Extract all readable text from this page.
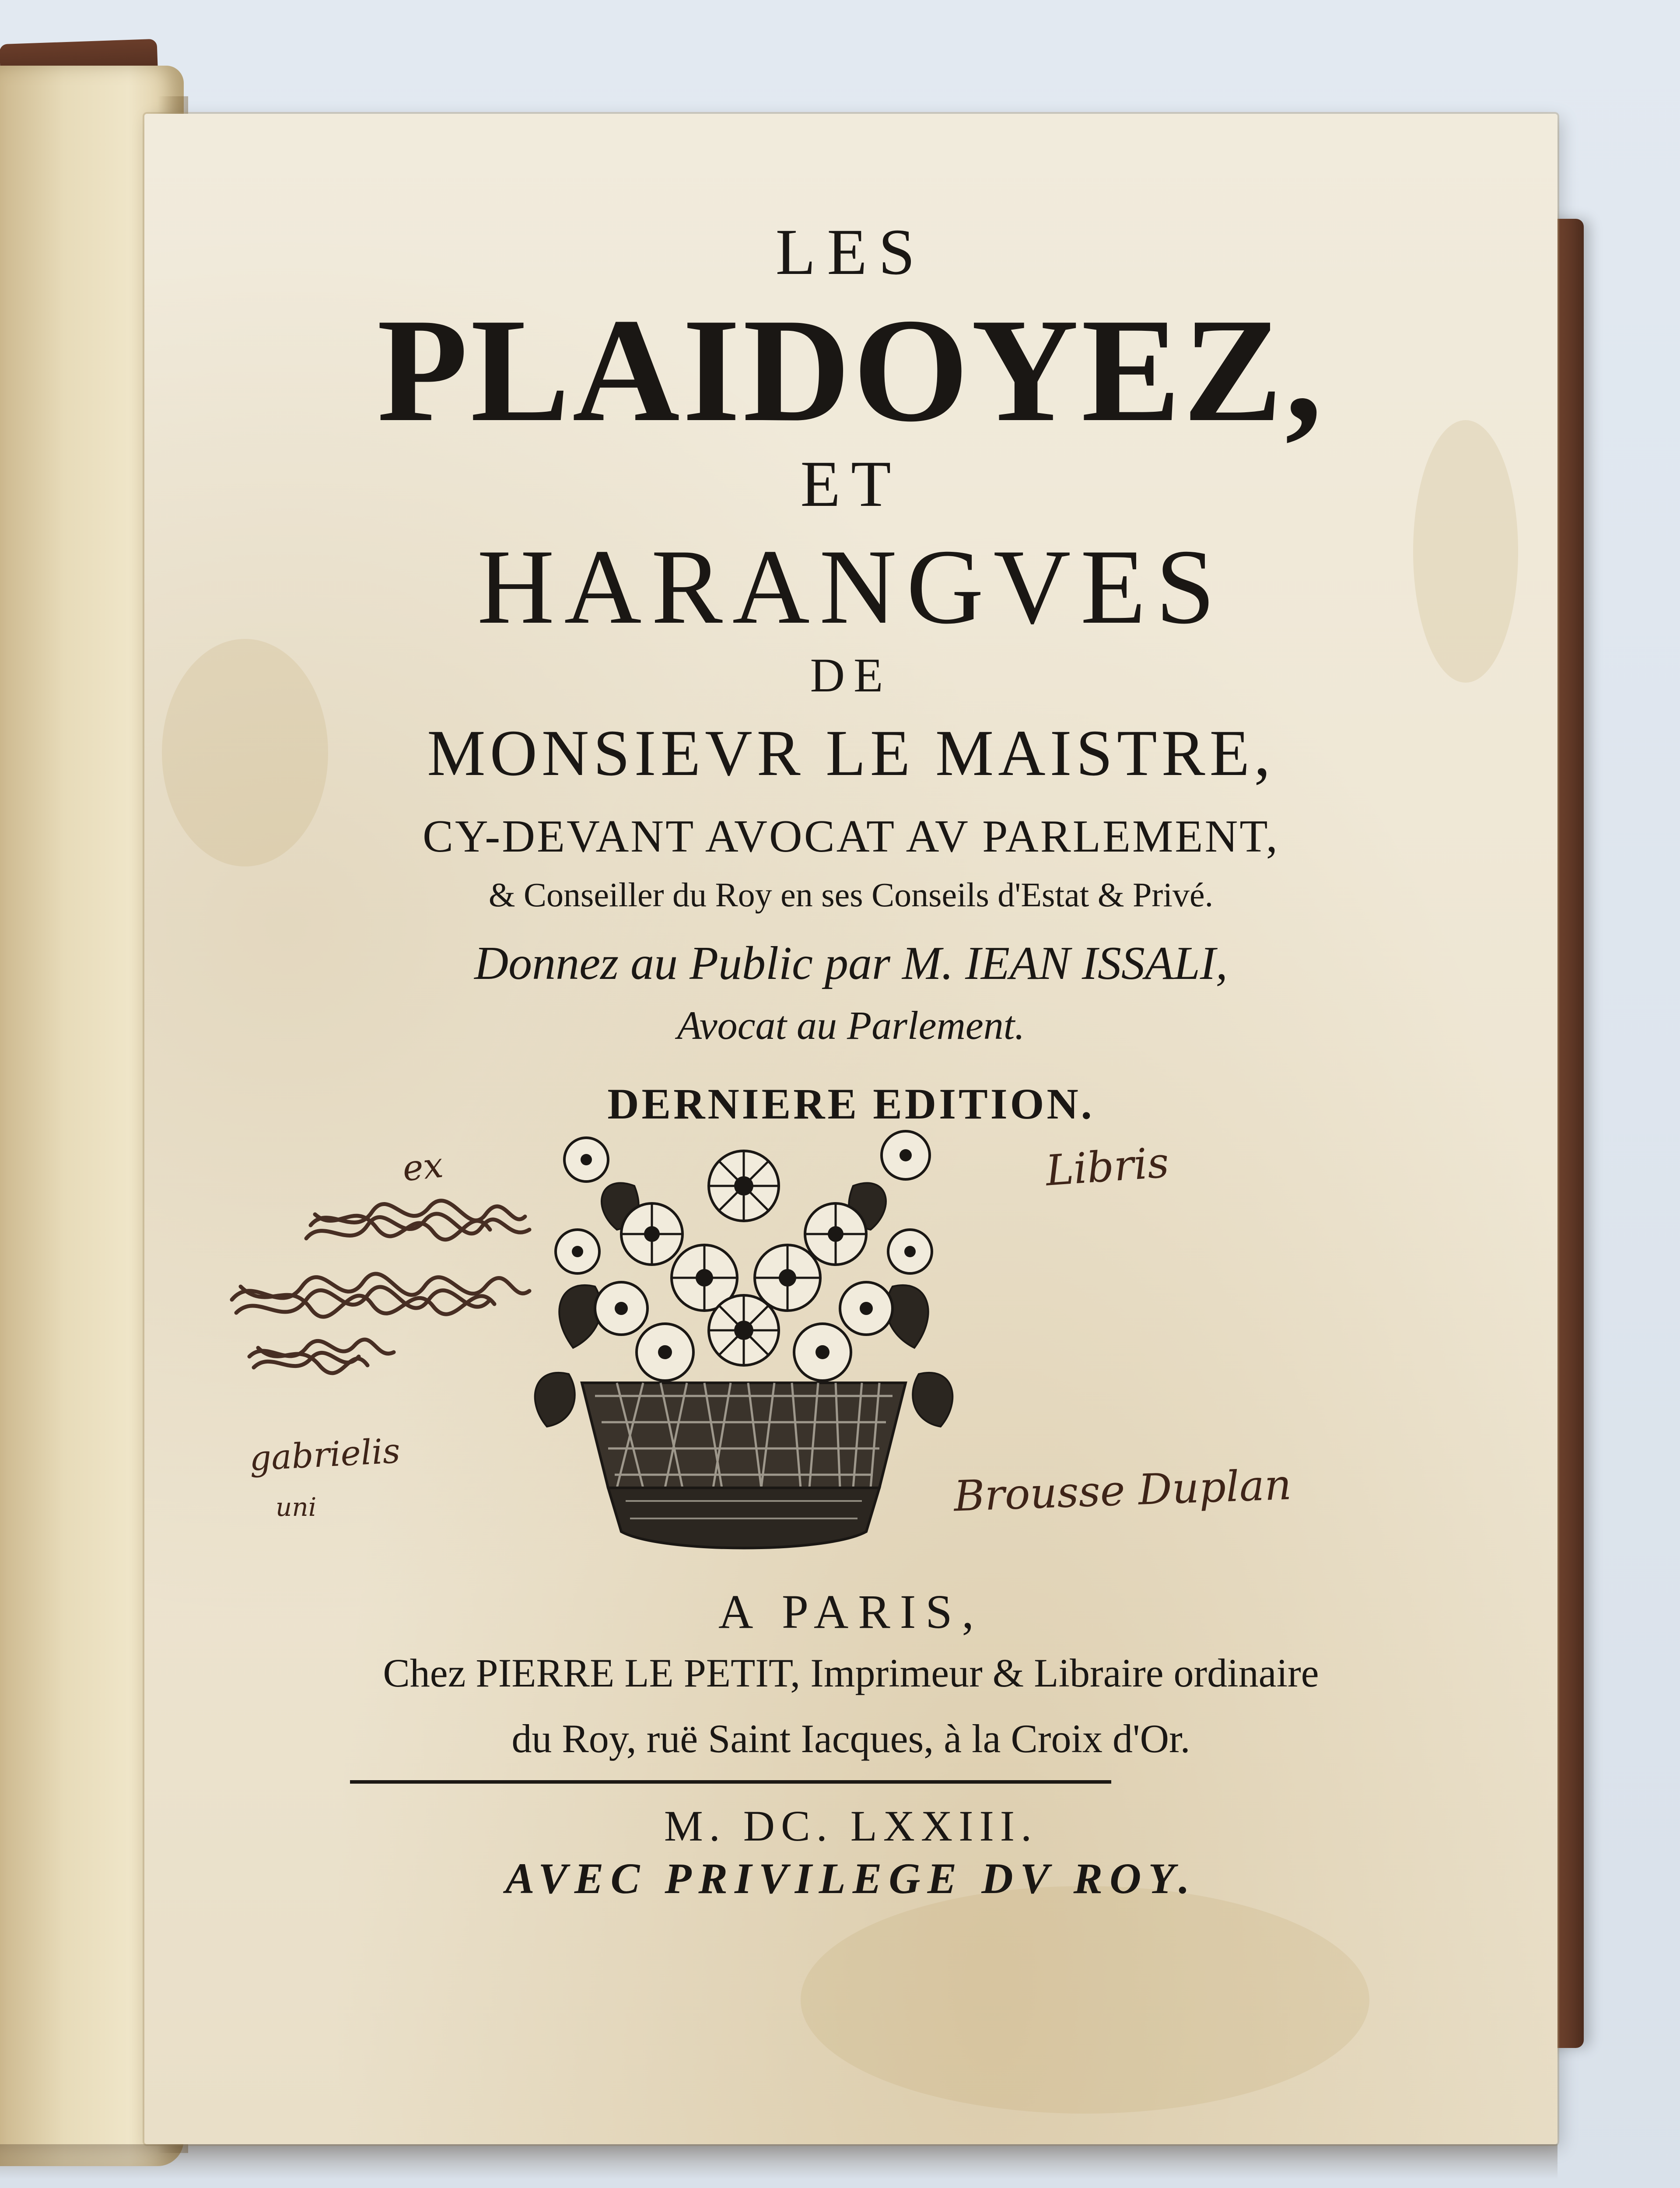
LES
PLAIDOYEZ,
ET
HARANGVES
DE
MONSIEVR LE MAISTRE,
CY-DEVANT AVOCAT AV PARLEMENT,
& Conseiller du Roy en ses Conseils d'Estat & Privé.
Donnez au Public par M. IEAN ISSALI,
Avocat au Parlement.
DERNIERE EDITION.
ex	Libris
gabrielis
uni	Brousse Duplan
A PARIS,
Chez PIERRE LE PETIT, Imprimeur & Libraire ordinaire
du Roy, ruë Saint Iacques, à la Croix d'Or.
M. DC. LXXIII.
AVEC PRIVILEGE DV ROY.
